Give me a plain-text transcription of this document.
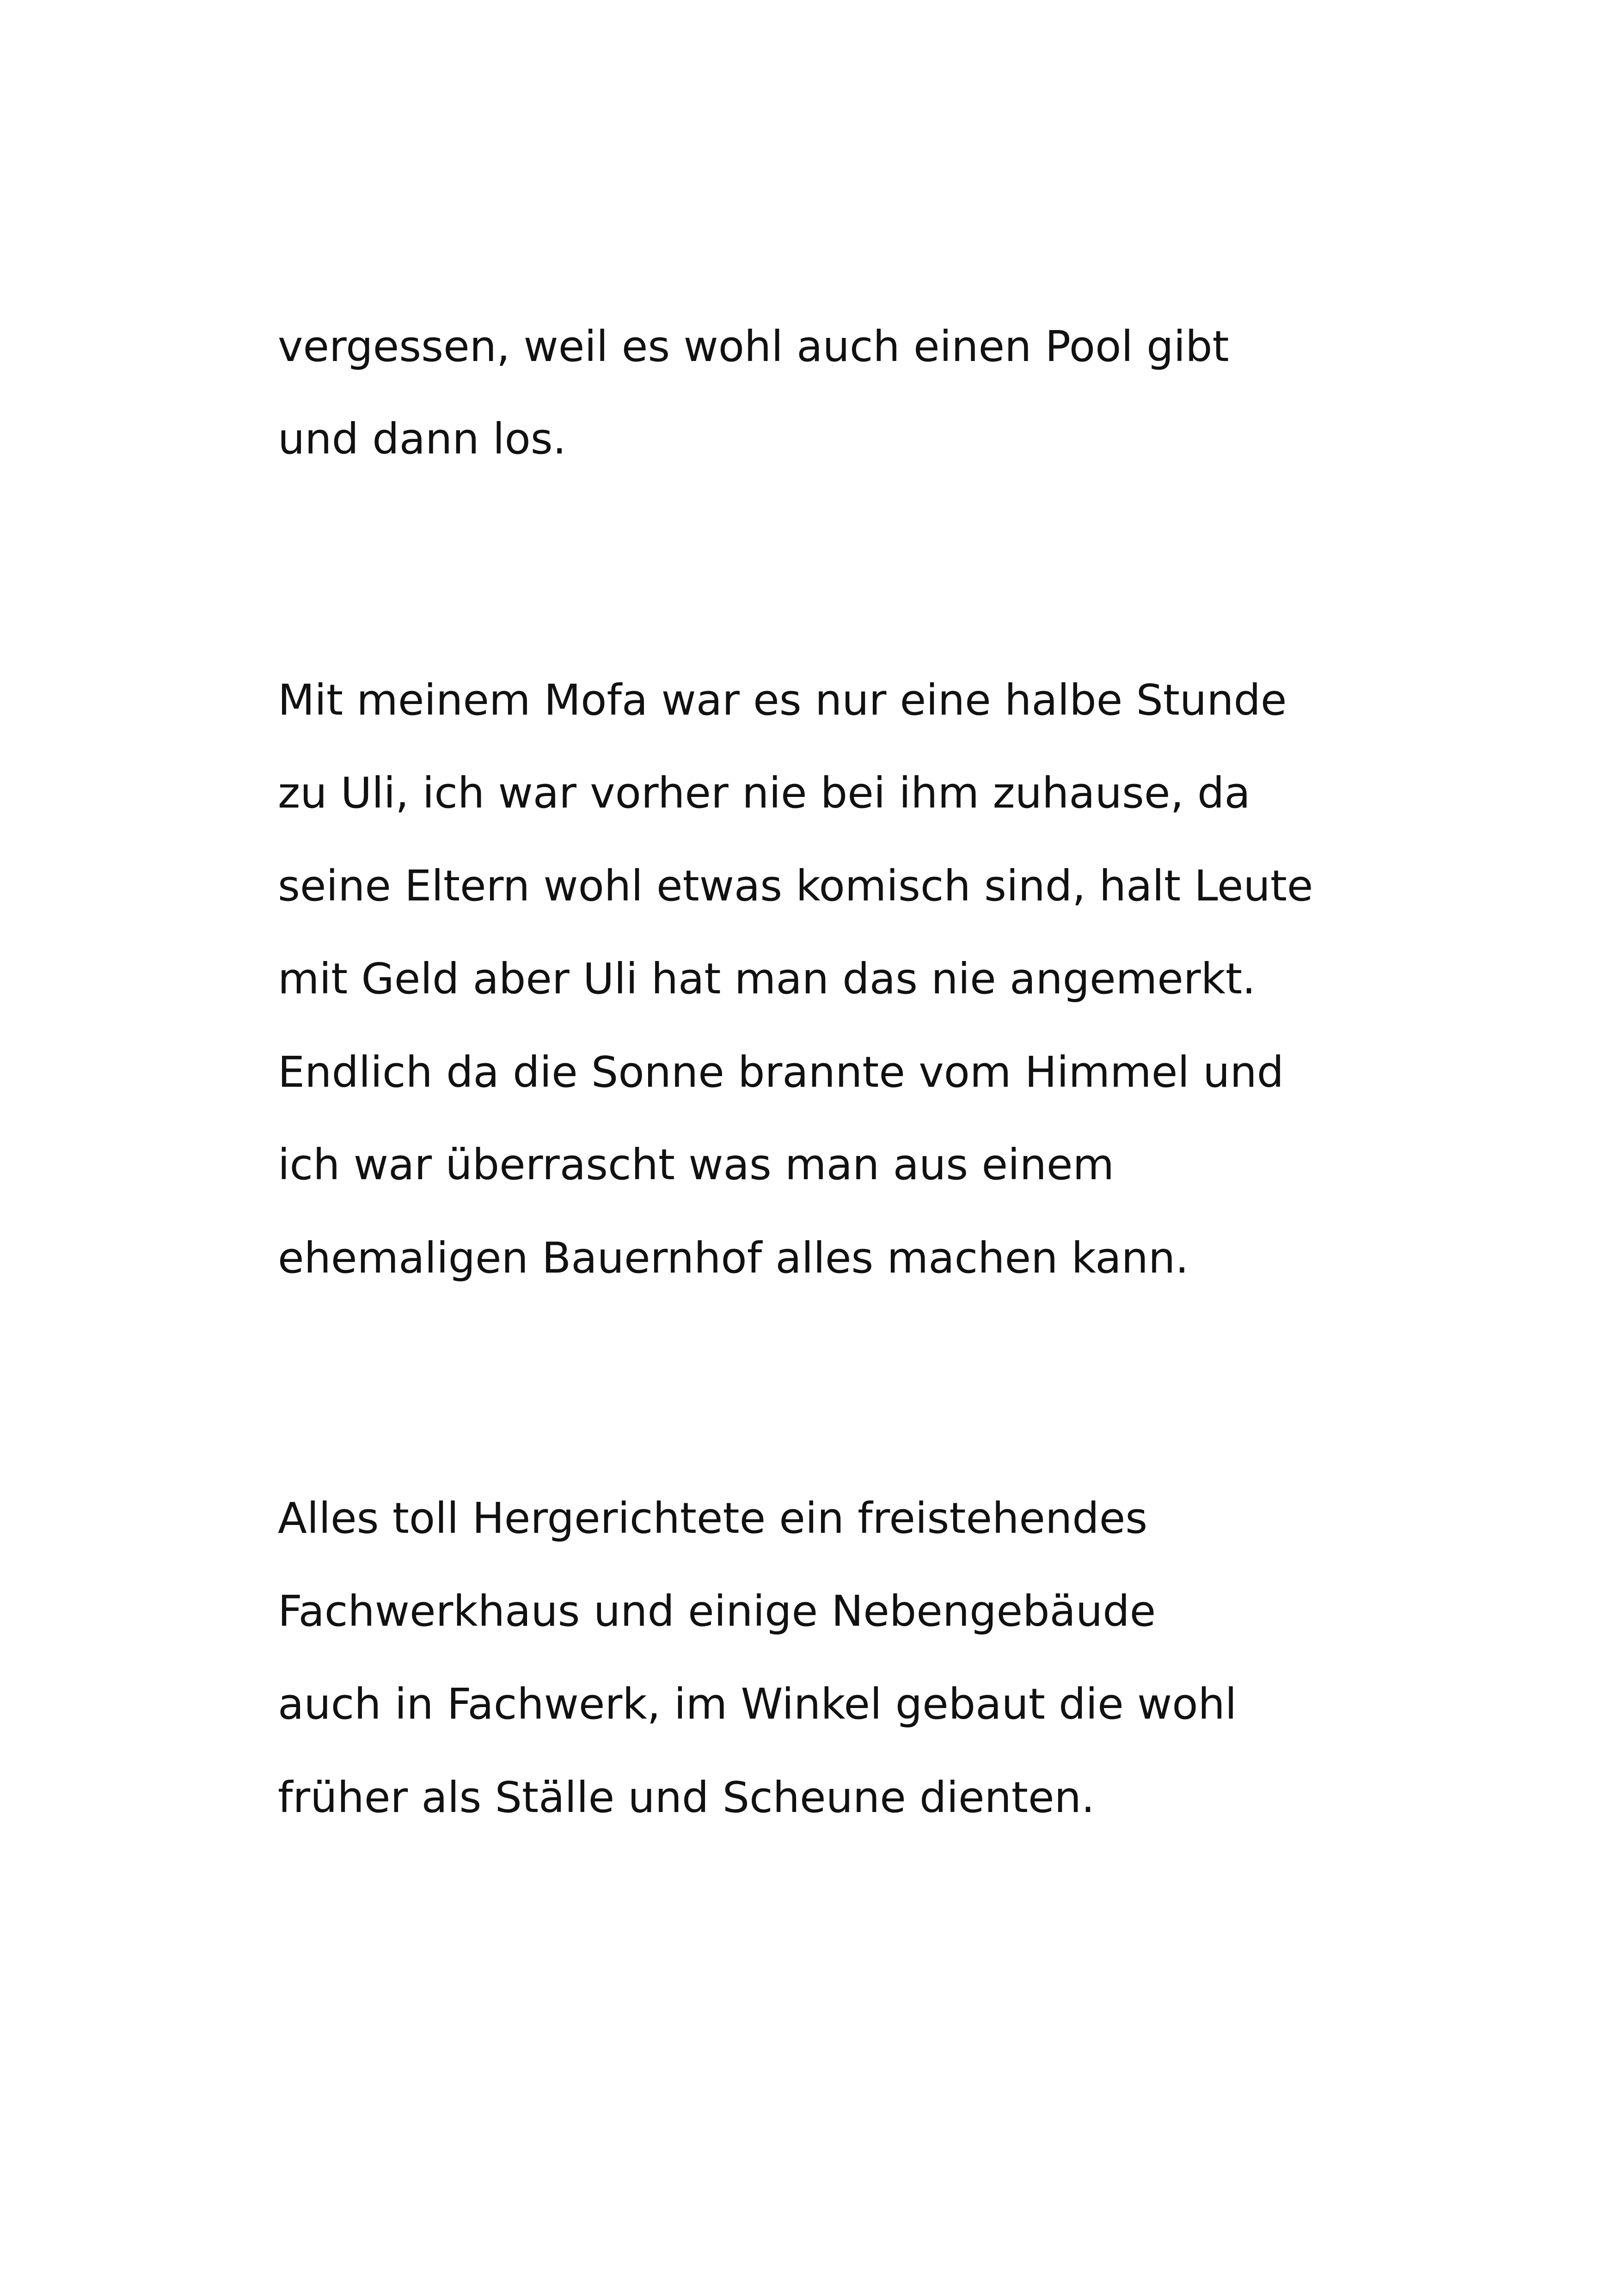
vergessen, weil es wohl auch einen Pool gibt
und dann los.
Mit meinem Mofa war es nur eine halbe Stunde
zu Uli, ich war vorher nie bei ihm zuhause, da
seine Eltern wohl etwas komisch sind, halt Leute
mit Geld aber Uli hat man das nie angemerkt.
Endlich da die Sonne brannte vom Himmel und
ich war überrascht was man aus einem
ehemaligen Bauernhof alles machen kann.
Alles toll Hergerichtete ein freistehendes
Fachwerkhaus und einige Nebengebäude
auch in Fachwerk, im Winkel gebaut die wohl
früher als Ställe und Scheune dienten.
